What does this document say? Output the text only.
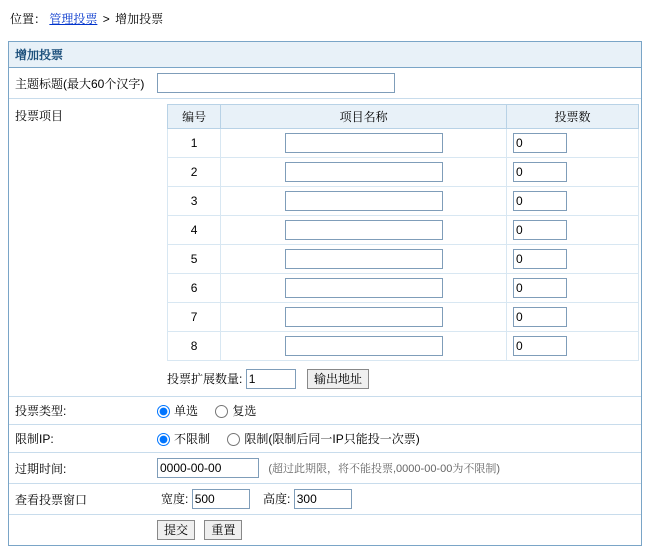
位置： 管理投票 > 增加投票
增加投票
主题标题(最大60个汉字)	
投票项目		编号	项目名称	投票数
1		0
2		0
3		0
4		0
5		0
6		0
7		0
8		0
投票扩展数量: 1	输出地址

投票类型:	单选	复选
限制IP:	不限制	限制(限制后同一IP只能投一次票)
过期时间:	0000-00-00(超过此期限，将不能投票,0000-00-00为不限制)
查看投票窗口	宽度: 500	高度: 300
	提交 重置
